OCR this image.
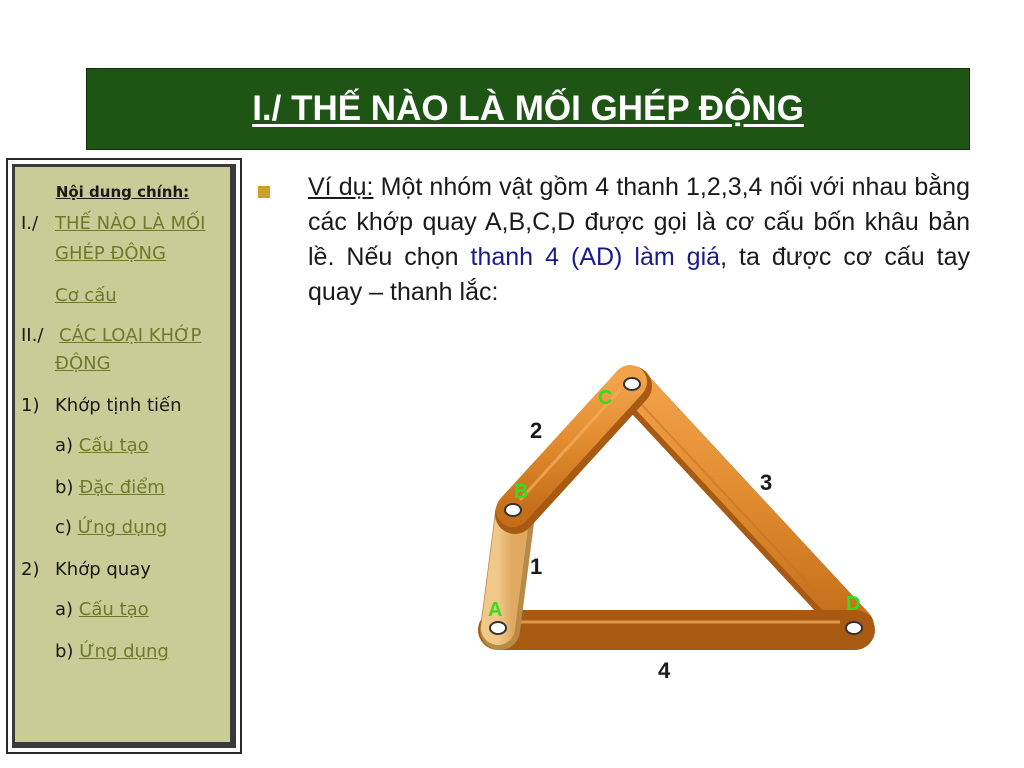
I./ THẾ NÀO LÀ MỐI GHÉP ĐỘNG
Nội dung chính:
I./ THẾ NÀO LÀ MỐI
GHÉP ĐỘNG
Cơ cấu
II./ CÁC LOẠI KHỚP
ĐỘNG
1) Khớp tịnh tiến
a) Cấu tạo
b) Đặc điểm
c) Ứng dụng
2) Khớp quay
a) Cấu tạo
b) Ứng dụng
Ví dụ: Một nhóm vật gồm 4 thanh 1,2,3,4 nối với nhau bằng các khớp quay A,B,C,D được gọi là cơ cấu bốn khâu bản lề. Nếu chọn thanh 4 (AD) làm giá, ta được cơ cấu tay quay – thanh lắc:
A
B
C
D
1
2
3
4
